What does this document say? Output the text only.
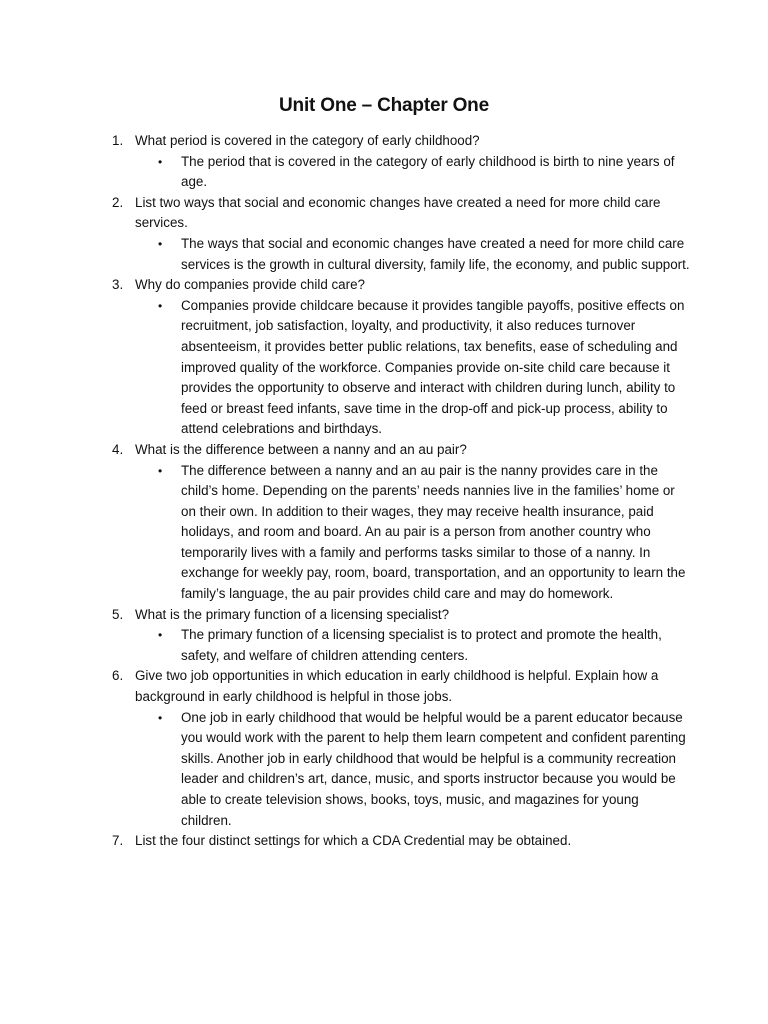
Unit One – Chapter One
1. What period is covered in the category of early childhood?
• The period that is covered in the category of early childhood is birth to nine years of age.
2. List two ways that social and economic changes have created a need for more child care services.
• The ways that social and economic changes have created a need for more child care services is the growth in cultural diversity, family life, the economy, and public support.
3. Why do companies provide child care?
• Companies provide childcare because it provides tangible payoffs, positive effects on recruitment, job satisfaction, loyalty, and productivity, it also reduces turnover absenteeism, it provides better public relations, tax benefits, ease of scheduling and improved quality of the workforce. Companies provide on-site child care because it provides the opportunity to observe and interact with children during lunch, ability to feed or breast feed infants, save time in the drop-off and pick-up process, ability to attend celebrations and birthdays.
4. What is the difference between a nanny and an au pair?
• The difference between a nanny and an au pair is the nanny provides care in the child’s home. Depending on the parents’ needs nannies live in the families’ home or on their own. In addition to their wages, they may receive health insurance, paid holidays, and room and board. An au pair is a person from another country who temporarily lives with a family and performs tasks similar to those of a nanny. In exchange for weekly pay, room, board, transportation, and an opportunity to learn the family’s language, the au pair provides child care and may do homework.
5. What is the primary function of a licensing specialist?
• The primary function of a licensing specialist is to protect and promote the health, safety, and welfare of children attending centers.
6. Give two job opportunities in which education in early childhood is helpful. Explain how a background in early childhood is helpful in those jobs.
• One job in early childhood that would be helpful would be a parent educator because you would work with the parent to help them learn competent and confident parenting skills. Another job in early childhood that would be helpful is a community recreation leader and children’s art, dance, music, and sports instructor because you would be able to create television shows, books, toys, music, and magazines for young children.
7. List the four distinct settings for which a CDA Credential may be obtained.
